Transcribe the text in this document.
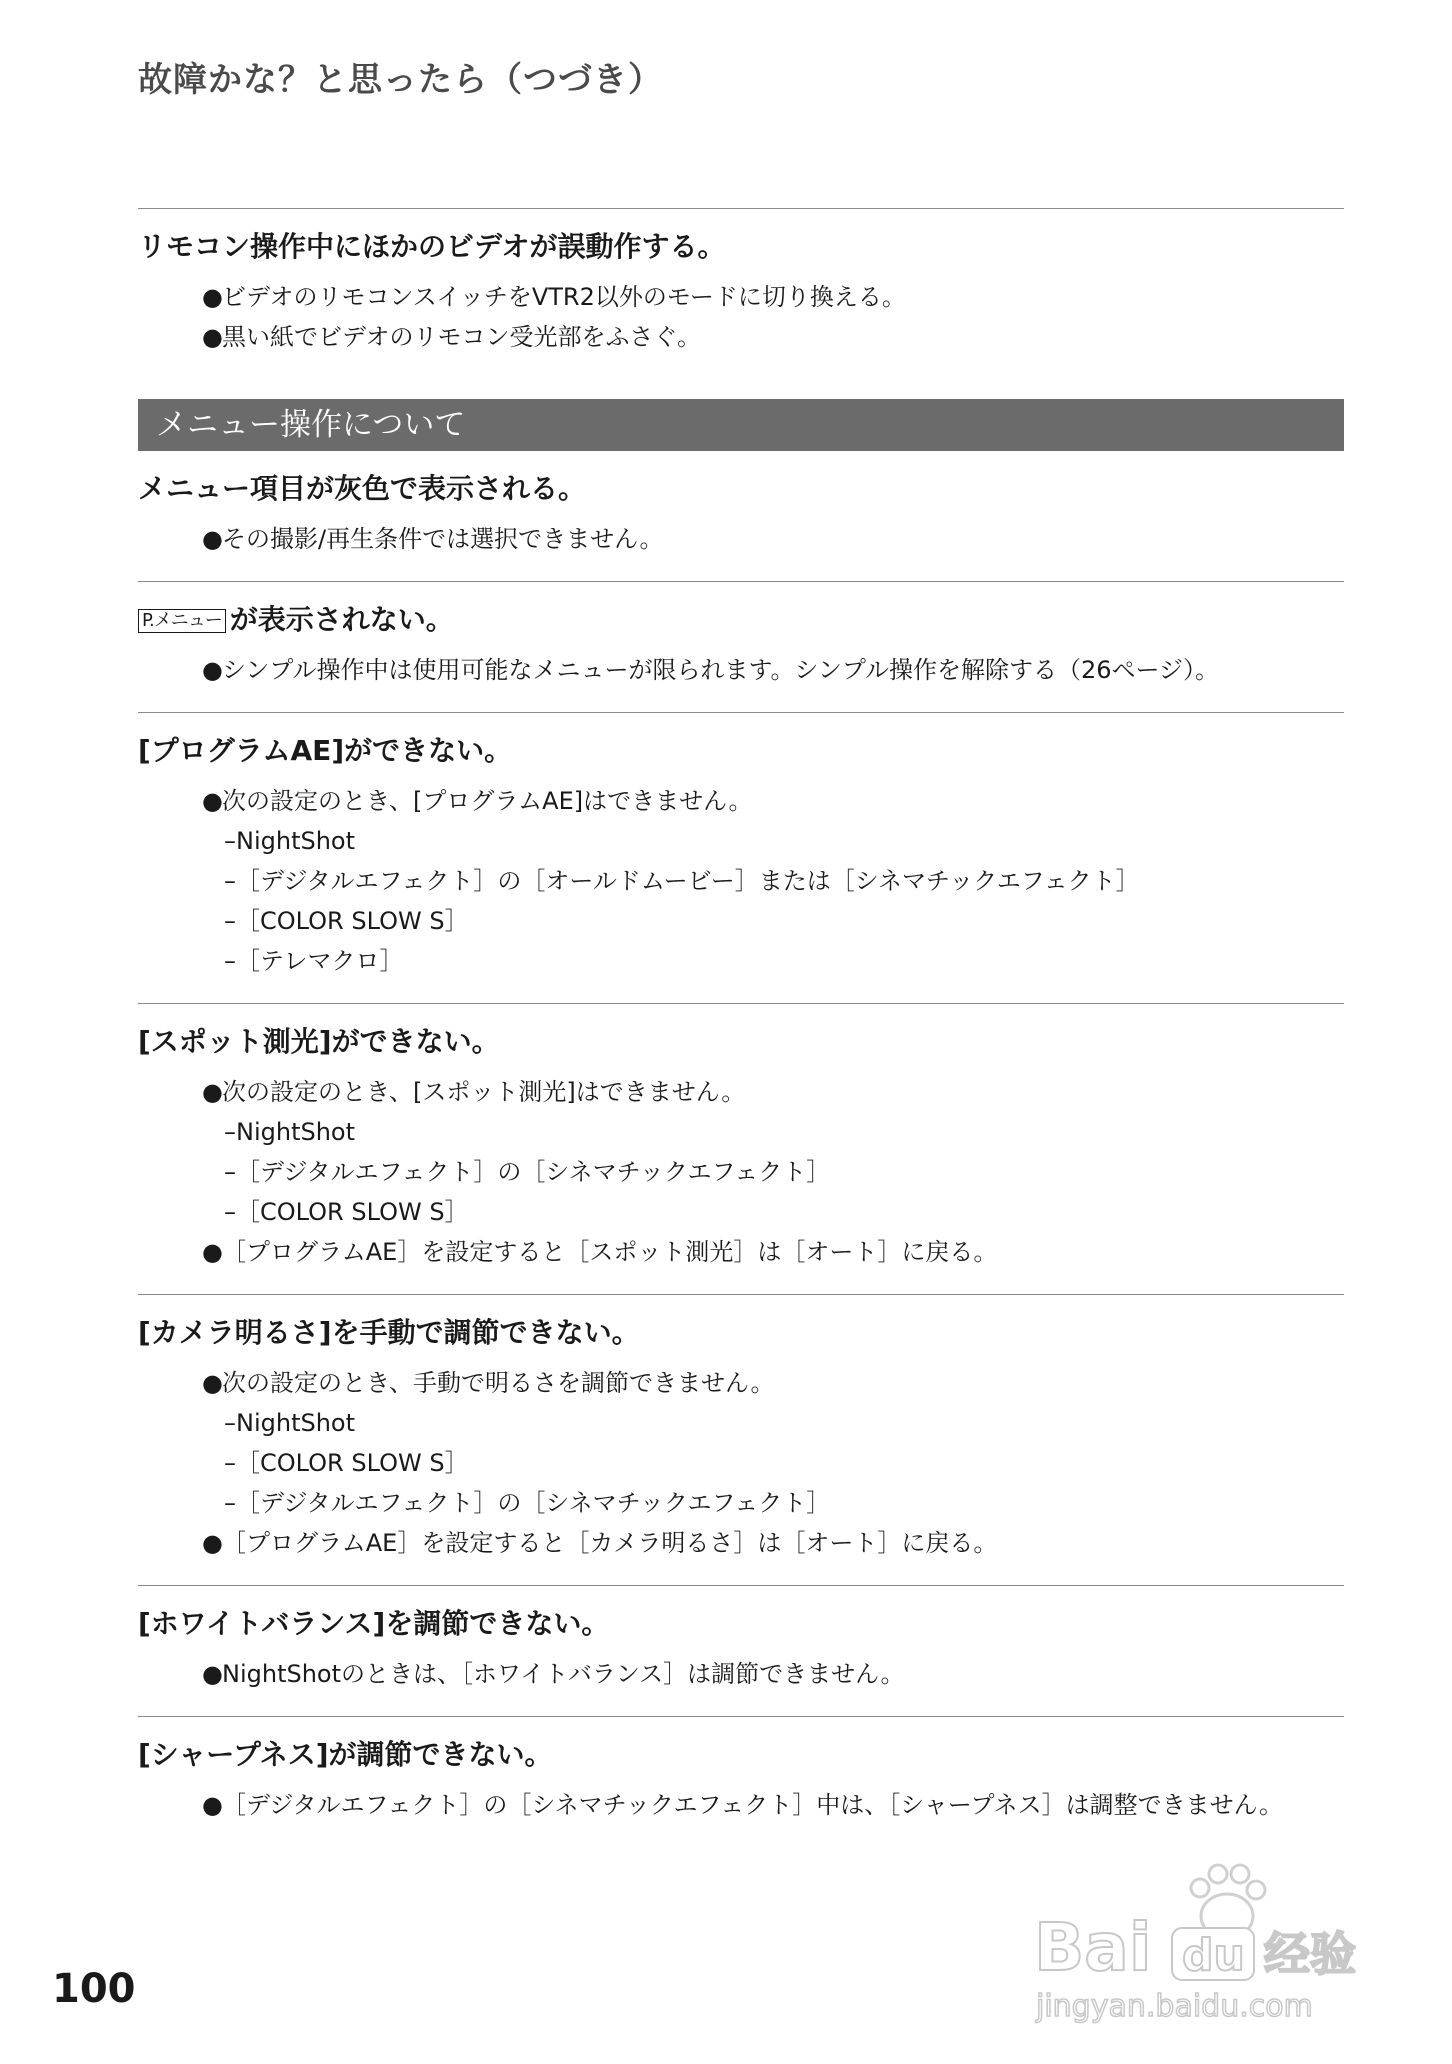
故障かな？と思ったら（つづき）
リモコン操作中にほかのビデオが誤動作する。
●ビデオのリモコンスイッチをVTR2以外のモードに切り換える。
●黒い紙でビデオのリモコン受光部をふさぐ。
メニュー操作について
メニュー項目が灰色で表示される。
●その撮影/再生条件では選択できません。
P.メニュー が表示されない。
●シンプル操作中は使用可能なメニューが限られます。シンプル操作を解除する（26ページ）。
[プログラムAE]ができない。
●次の設定のとき、[プログラムAE]はできません。
–NightShot
–［デジタルエフェクト］の［オールドムービー］または［シネマチックエフェクト］
–［COLOR SLOW S］
–［テレマクロ］
[スポット測光]ができない。
●次の設定のとき、[スポット測光]はできません。
–NightShot
–［デジタルエフェクト］の［シネマチックエフェクト］
–［COLOR SLOW S］
●［プログラムAE］を設定すると［スポット測光］は［オート］に戻る。
[カメラ明るさ]を手動で調節できない。
●次の設定のとき、手動で明るさを調節できません。
–NightShot
–［COLOR SLOW S］
–［デジタルエフェクト］の［シネマチックエフェクト］
●［プログラムAE］を設定すると［カメラ明るさ］は［オート］に戻る。
[ホワイトバランス]を調節できない。
●NightShotのときは、［ホワイトバランス］は調節できません。
[シャープネス]が調節できない。
●［デジタルエフェクト］の［シネマチックエフェクト］中は、［シャープネス］は調整できません。
100
Bai du 经验
jingyan.baidu.com
